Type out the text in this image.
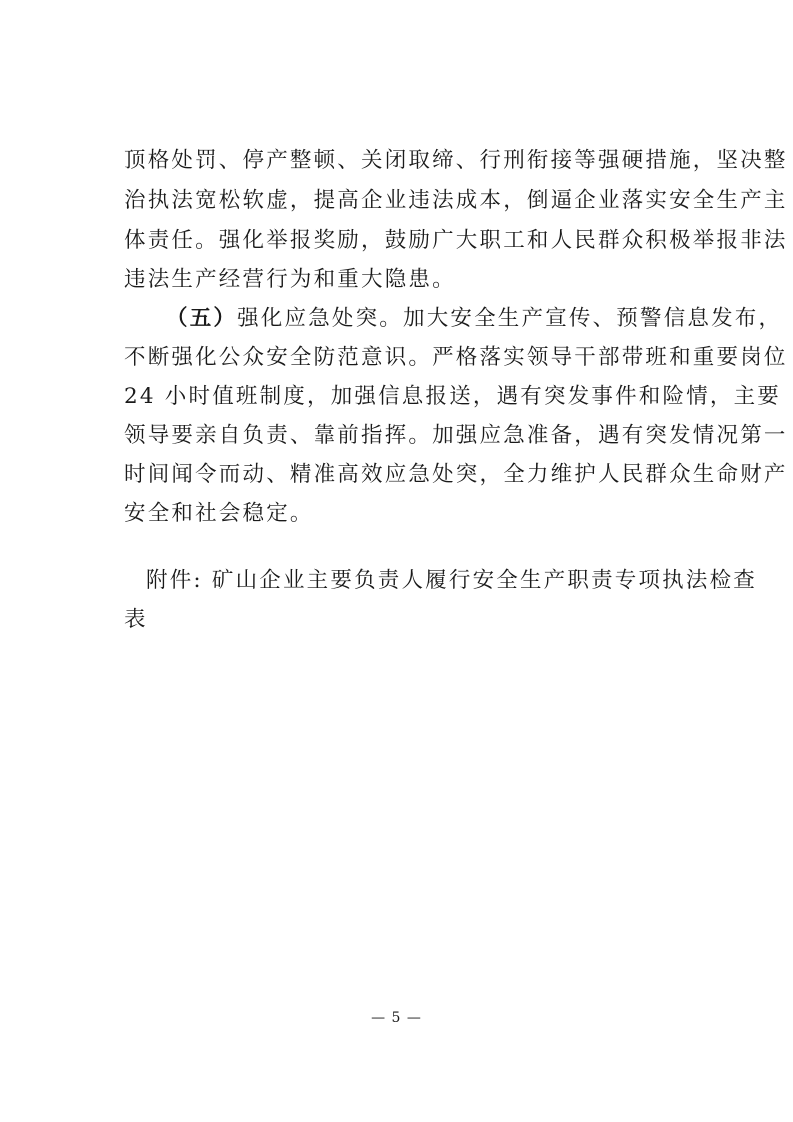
顶格处罚、停产整顿、关闭取缔、行刑衔接等强硬措施，坚决整
治执法宽松软虚，提高企业违法成本，倒逼企业落实安全生产主
体责任。强化举报奖励，鼓励广大职工和人民群众积极举报非法
违法生产经营行为和重大隐患。
（五）强化应急处突。加大安全生产宣传、预警信息发布，
不断强化公众安全防范意识。严格落实领导干部带班和重要岗位
24 小时值班制度，加强信息报送，遇有突发事件和险情，主要
领导要亲自负责、靠前指挥。加强应急准备，遇有突发情况第一
时间闻令而动、精准高效应急处突，全力维护人民群众生命财产
安全和社会稳定。
附件: 矿山企业主要负责人履行安全生产职责专项执法检查
表
— 5 —
